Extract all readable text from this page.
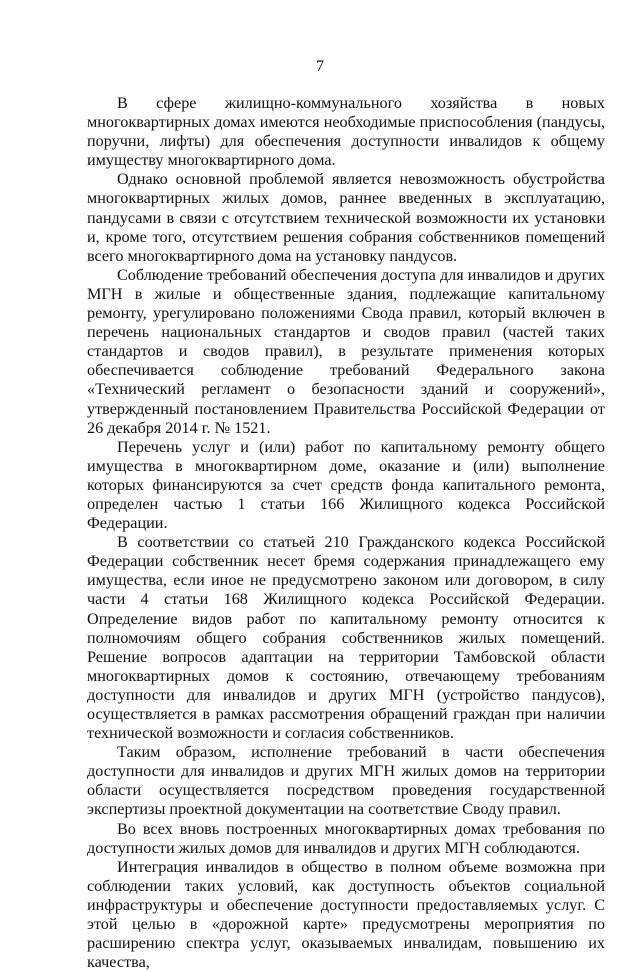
7

В сфере жилищно-коммунального хозяйства в новых многоквартирных домах имеются необходимые приспособления (пандусы, поручни, лифты) для обеспечения доступности инвалидов к общему имуществу многоквартирного дома.

Однако основной проблемой является невозможность обустройства многоквартирных жилых домов, раннее введенных в эксплуатацию, пандусами в связи с отсутствием технической возможности их установки и, кроме того, отсутствием решения собрания собственников помещений всего многоквартирного дома на установку пандусов.

Соблюдение требований обеспечения доступа для инвалидов и других МГН в жилые и общественные здания, подлежащие капитальному ремонту, урегулировано положениями Свода правил, который включен в перечень национальных стандартов и сводов правил (частей таких стандартов и сводов правил), в результате применения которых обеспечивается соблюдение требований Федерального закона «Технический регламент о безопасности зданий и сооружений», утвержденный постановлением Правительства Российской Федерации от 26 декабря 2014 г. № 1521.

Перечень услуг и (или) работ по капитальному ремонту общего имущества в многоквартирном доме, оказание и (или) выполнение которых финансируются за счет средств фонда капитального ремонта, определен частью 1 статьи 166 Жилищного кодекса Российской Федерации.

В соответствии со статьей 210 Гражданского кодекса Российской Федерации собственник несет бремя содержания принадлежащего ему имущества, если иное не предусмотрено законом или договором, в силу части 4 статьи 168 Жилищного кодекса Российской Федерации. Определение видов работ по капитальному ремонту относится к полномочиям общего собрания собственников жилых помещений. Решение вопросов адаптации на территории Тамбовской области многоквартирных домов к состоянию, отвечающему требованиям доступности для инвалидов и других МГН (устройство пандусов), осуществляется в рамках рассмотрения обращений граждан при наличии технической возможности и согласия собственников.

Таким образом, исполнение требований в части обеспечения доступности для инвалидов и других МГН жилых домов на территории области осуществляется посредством проведения государственной экспертизы проектной документации на соответствие Своду правил.

Во всех вновь построенных многоквартирных домах требования по доступности жилых домов для инвалидов и других МГН соблюдаются.

Интеграция инвалидов в общество в полном объеме возможна при соблюдении таких условий, как доступность объектов социальной инфраструктуры и обеспечение доступности предоставляемых услуг. С этой целью в «дорожной карте» предусмотрены мероприятия по расширению спектра услуг, оказываемых инвалидам, повышению их качества,
